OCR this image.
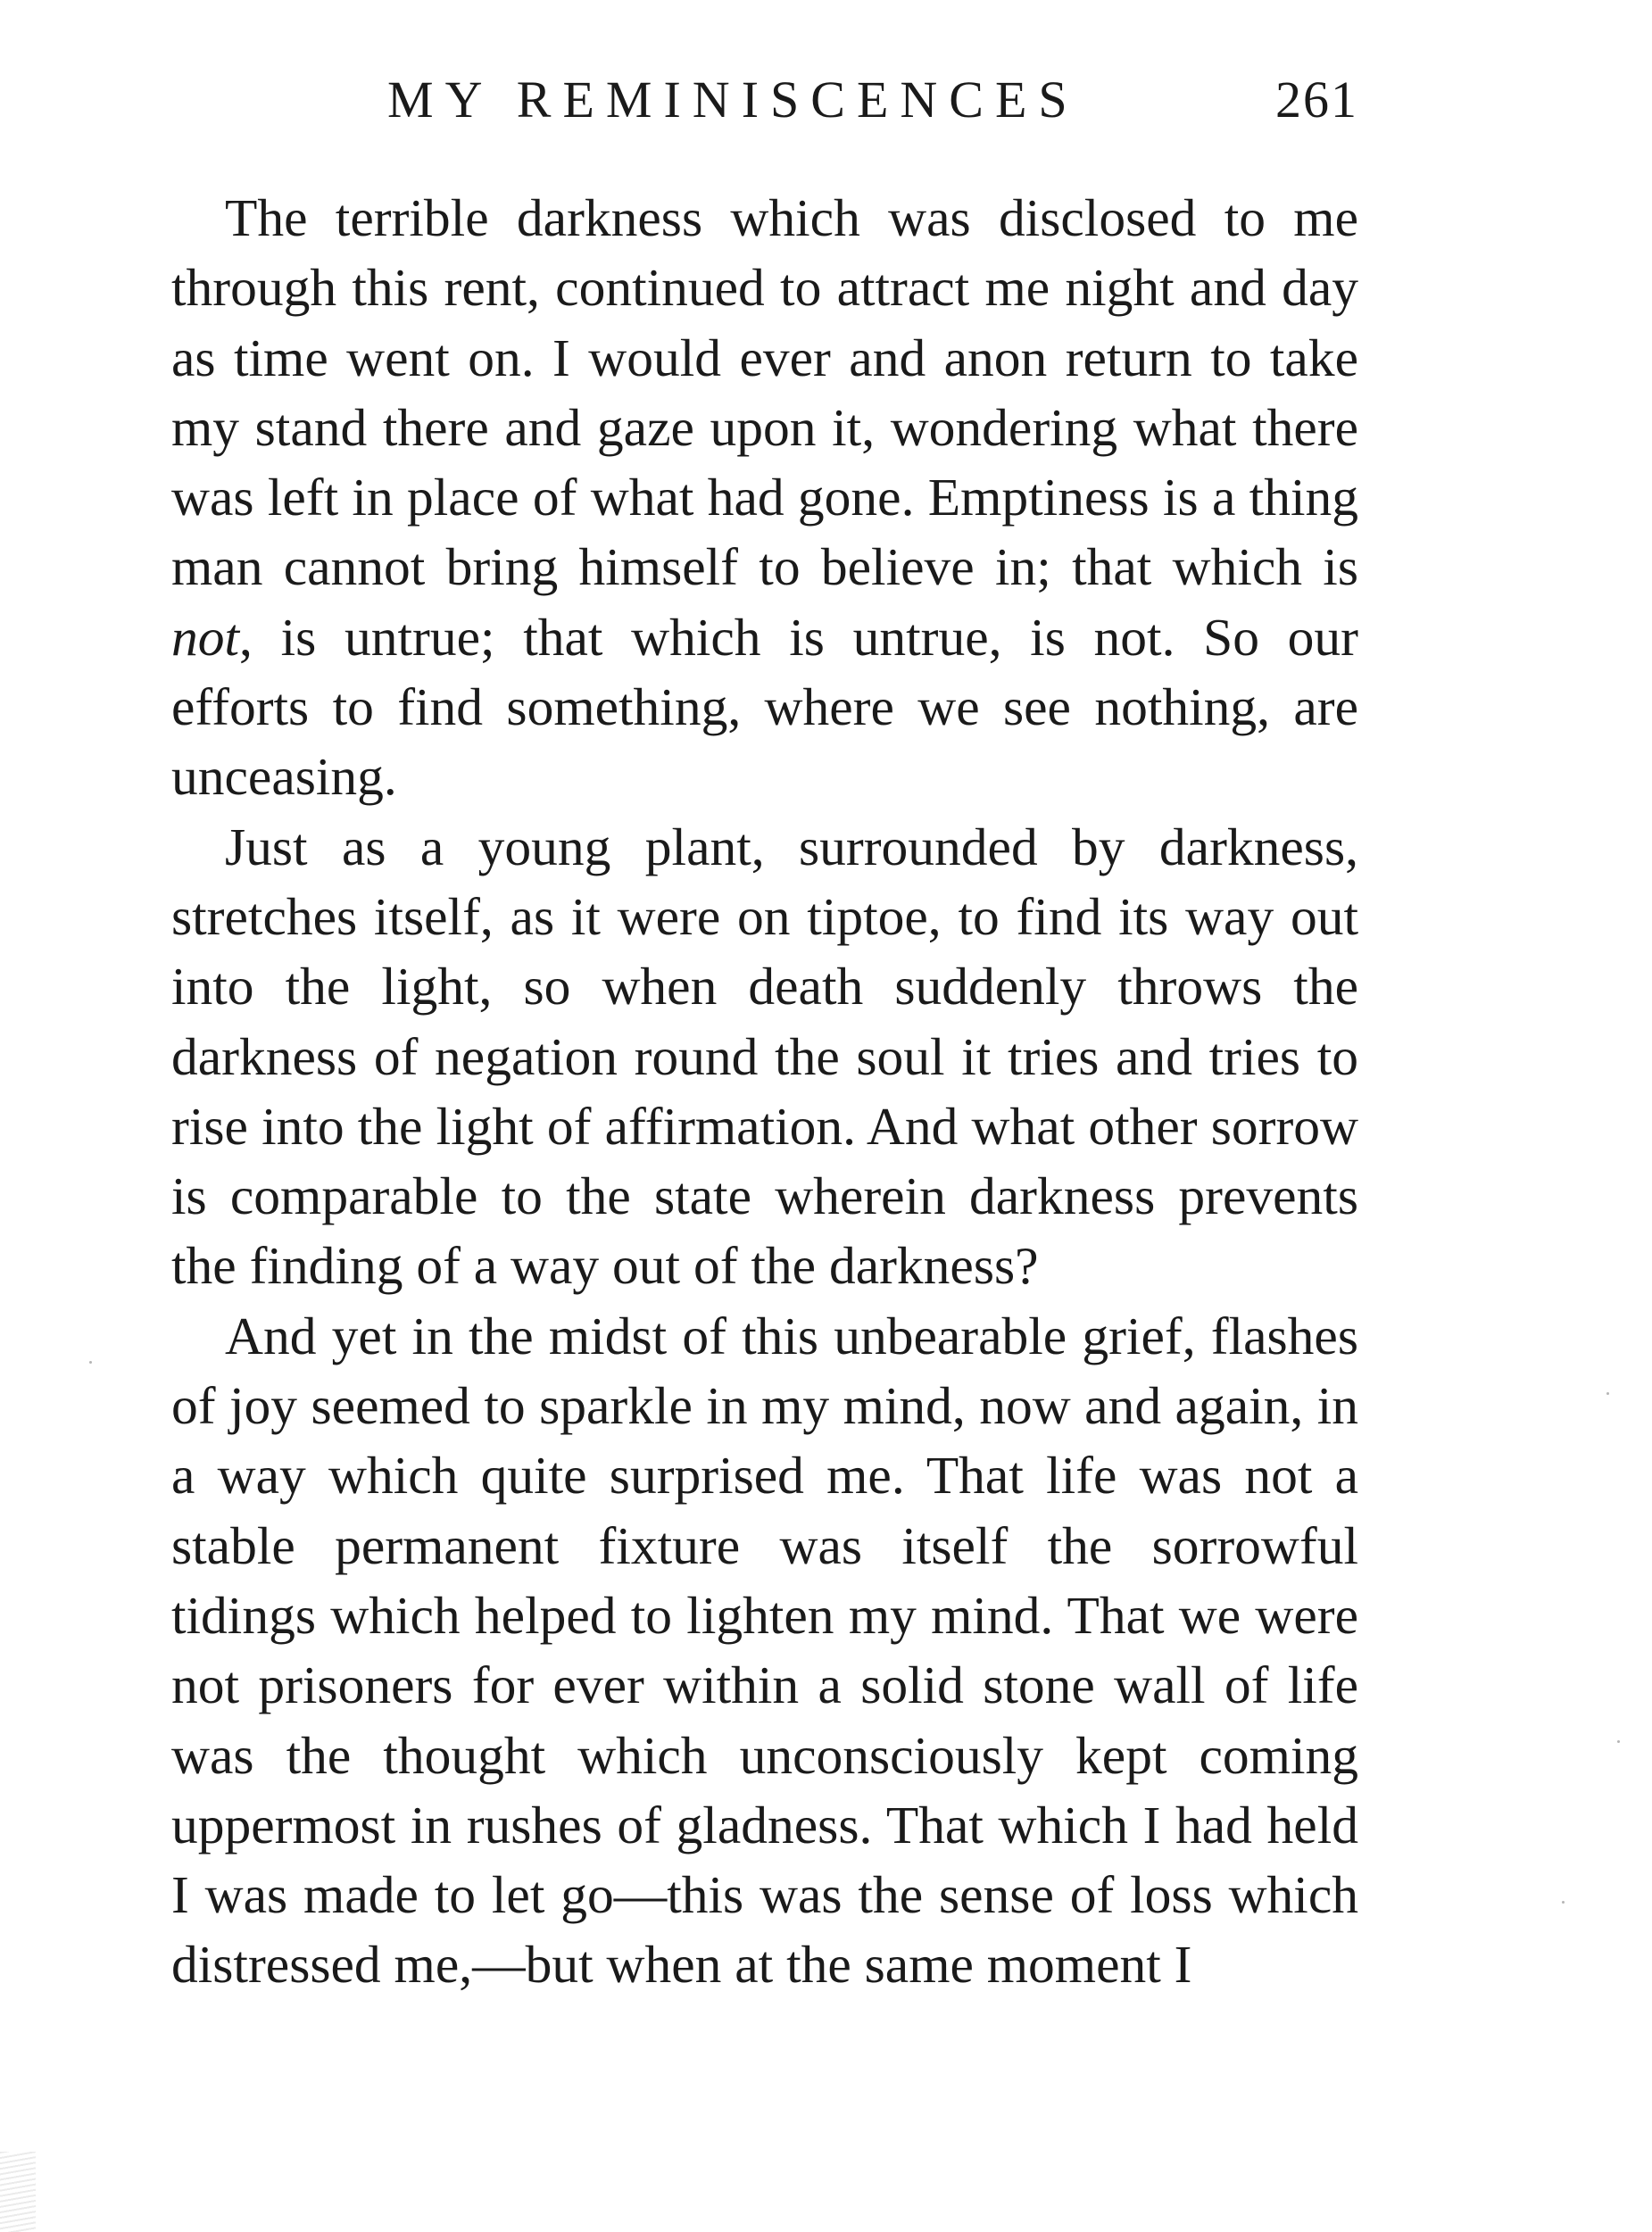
MY REMINISCENCES	261

The terrible darkness which was disclosed to me through this rent, continued to attract me night and day as time went on. I would ever and anon return to take my stand there and gaze upon it, wondering what there was left in place of what had gone. Emptiness is a thing man cannot bring himself to believe in; that which is not, is untrue; that which is untrue, is not. So our efforts to find something, where we see nothing, are unceasing.

Just as a young plant, surrounded by darkness, stretches itself, as it were on tiptoe, to find its way out into the light, so when death suddenly throws the darkness of negation round the soul it tries and tries to rise into the light of affirmation. And what other sorrow is comparable to the state wherein darkness prevents the finding of a way out of the darkness?

And yet in the midst of this unbearable grief, flashes of joy seemed to sparkle in my mind, now and again, in a way which quite surprised me. That life was not a stable permanent fixture was itself the sorrowful tidings which helped to lighten my mind. That we were not prisoners for ever within a solid stone wall of life was the thought which unconsciously kept coming uppermost in rushes of gladness. That which I had held I was made to let go—this was the sense of loss which distressed me,—but when at the same moment I
